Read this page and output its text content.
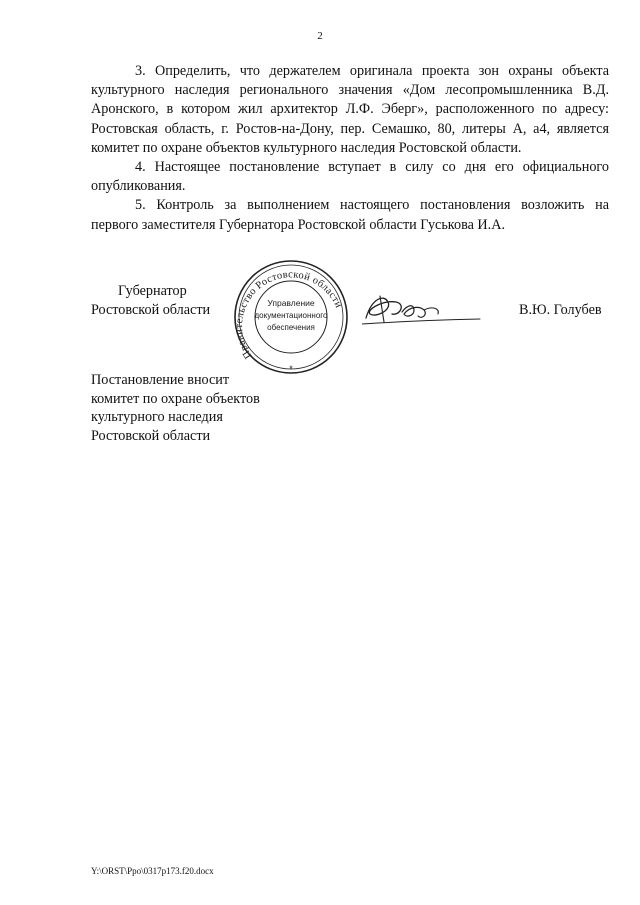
2

3. Определить, что держателем оригинала проекта зон охраны объекта культурного наследия регионального значения «Дом лесопромышленника В.Д. Аронского, в котором жил архитектор Л.Ф. Эберг», расположенного по адресу: Ростовская область, г. Ростов-на-Дону, пер. Семашко, 80, литеры А, а4, является комитет по охране объектов культурного наследия Ростовской области.

4. Настоящее постановление вступает в силу со дня его официального опубликования.

5. Контроль за выполнением настоящего постановления возложить на первого заместителя Губернатора Ростовской области Гуськова И.А.

Губернатор
Ростовской области
Правительство Ростовской области
Управление
документационного
обеспечения
*
В.Ю. Голубев
Постановление вносит
комитет по охране объектов
культурного наследия
Ростовской области
Y:\ORST\Ppo\0317p173.f20.docx
